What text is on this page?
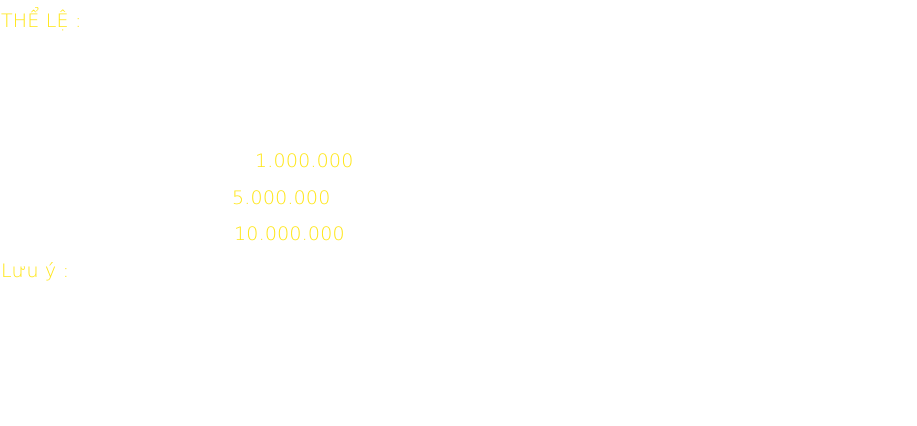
THỂ LỆ :
1.000.000
5.000.000
10.000.000
Lưu ý :
